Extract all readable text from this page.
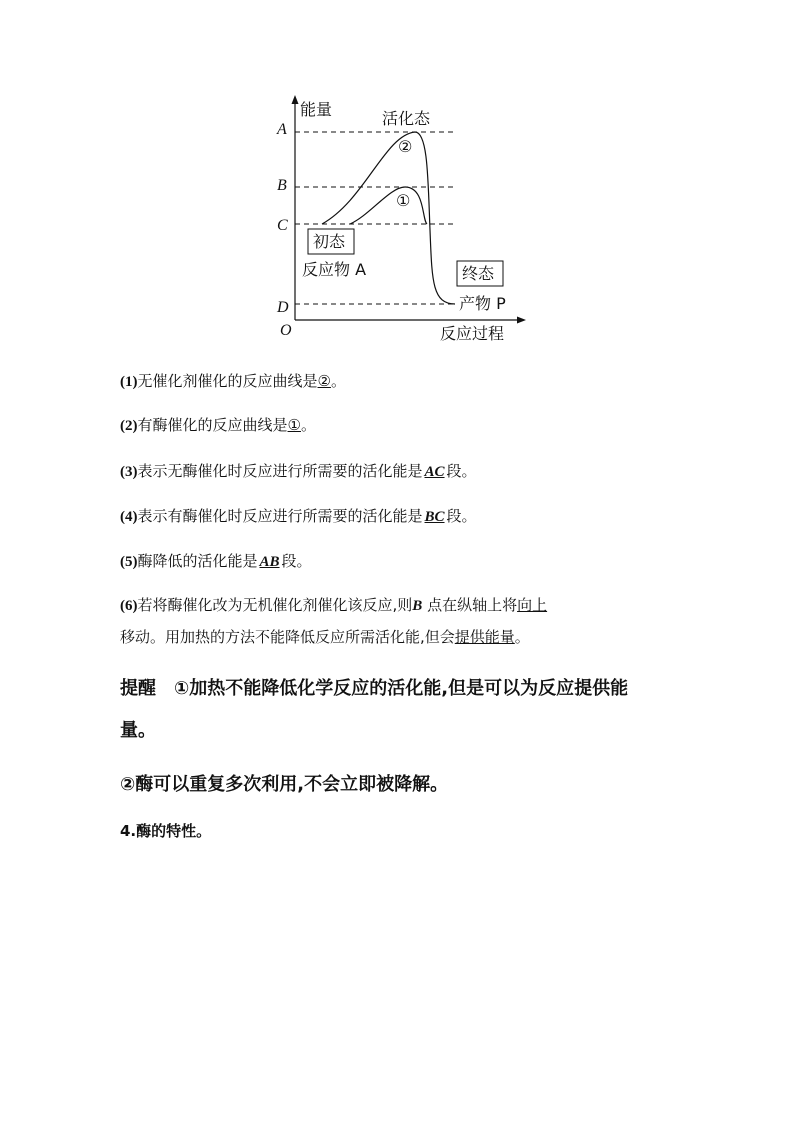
A
B
C
D
O
能量
反应过程
活化态
②
①
初态
反应物 A	终态
产物 P
(1)无催化剂催化的反应曲线是②。
(2)有酶催化的反应曲线是①。
(3)表示无酶催化时反应进行所需要的活化能是 AC 段。
(4)表示有酶催化时反应进行所需要的活化能是 BC 段。
(5)酶降低的活化能是 AB 段。
(6)若将酶催化改为无机催化剂催化该反应,则B 点在纵轴上将向上
移动。用加热的方法不能降低反应所需活化能,但会提供能量。
提醒　①加热不能降低化学反应的活化能,但是可以为反应提供能
量。
②酶可以重复多次利用,不会立即被降解。
4.酶的特性。
